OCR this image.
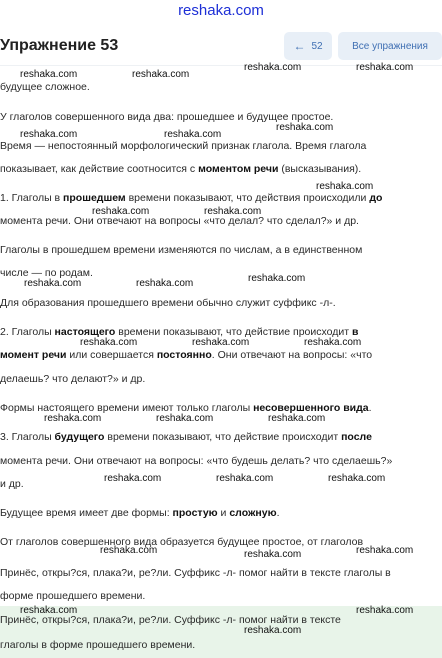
reshaka.com
Упражнение 53	← 52	Все упражнения
будущее сложное.
У глаголов совершенного вида два: прошедшее и будущее простое.
Время — непостоянный морфологический признак глагола. Время глагола
показывает, как действие соотносится с моментом речи (высказывания).
1. Глаголы в прошедшем времени показывают, что действия происходили до
момента речи. Они отвечают на вопросы «что делал? что сделал?» и др.
Глаголы в прошедшем времени изменяются по числам, а в единственном
числе — по родам.
Для образования прошедшего времени обычно служит суффикс -л-.
2. Глаголы настоящего времени показывают, что действие происходит в
момент речи или совершается постоянно. Они отвечают на вопросы: «что
делаешь? что делают?» и др.
Формы настоящего времени имеют только глаголы несовершенного вида.
3. Глаголы будущего времени показывают, что действие происходит после
момента речи. Они отвечают на вопросы: «что будешь делать? что сделаешь?»
и др.
Будущее время имеет две формы: простую и сложную.
От глаголов совершенного вида образуется будущее простое, от глаголов
Принёс, откры?ся, плака?и, ре?ли. Суффикс -л- помог найти в тексте глаголы в
форме прошедшего времени.
Принёс, откры?ся, плака?и, ре?ли. Суффикс -л- помог найти в тексте
глаголы в форме прошедшего времени.
reshaka.com	reshaka.com
reshaka.com	reshaka.com
reshaka.com	reshaka.com
reshaka.com
reshaka.com
reshaka.com	reshaka.com
reshaka.com	reshaka.com	reshaka.com
reshaka.com	reshaka.com	reshaka.com
reshaka.com	reshaka.com	reshaka.com
reshaka.com	reshaka.com	reshaka.com
reshaka.com	reshaka.com	reshaka.com
reshaka.com	reshaka.com
reshaka.com
